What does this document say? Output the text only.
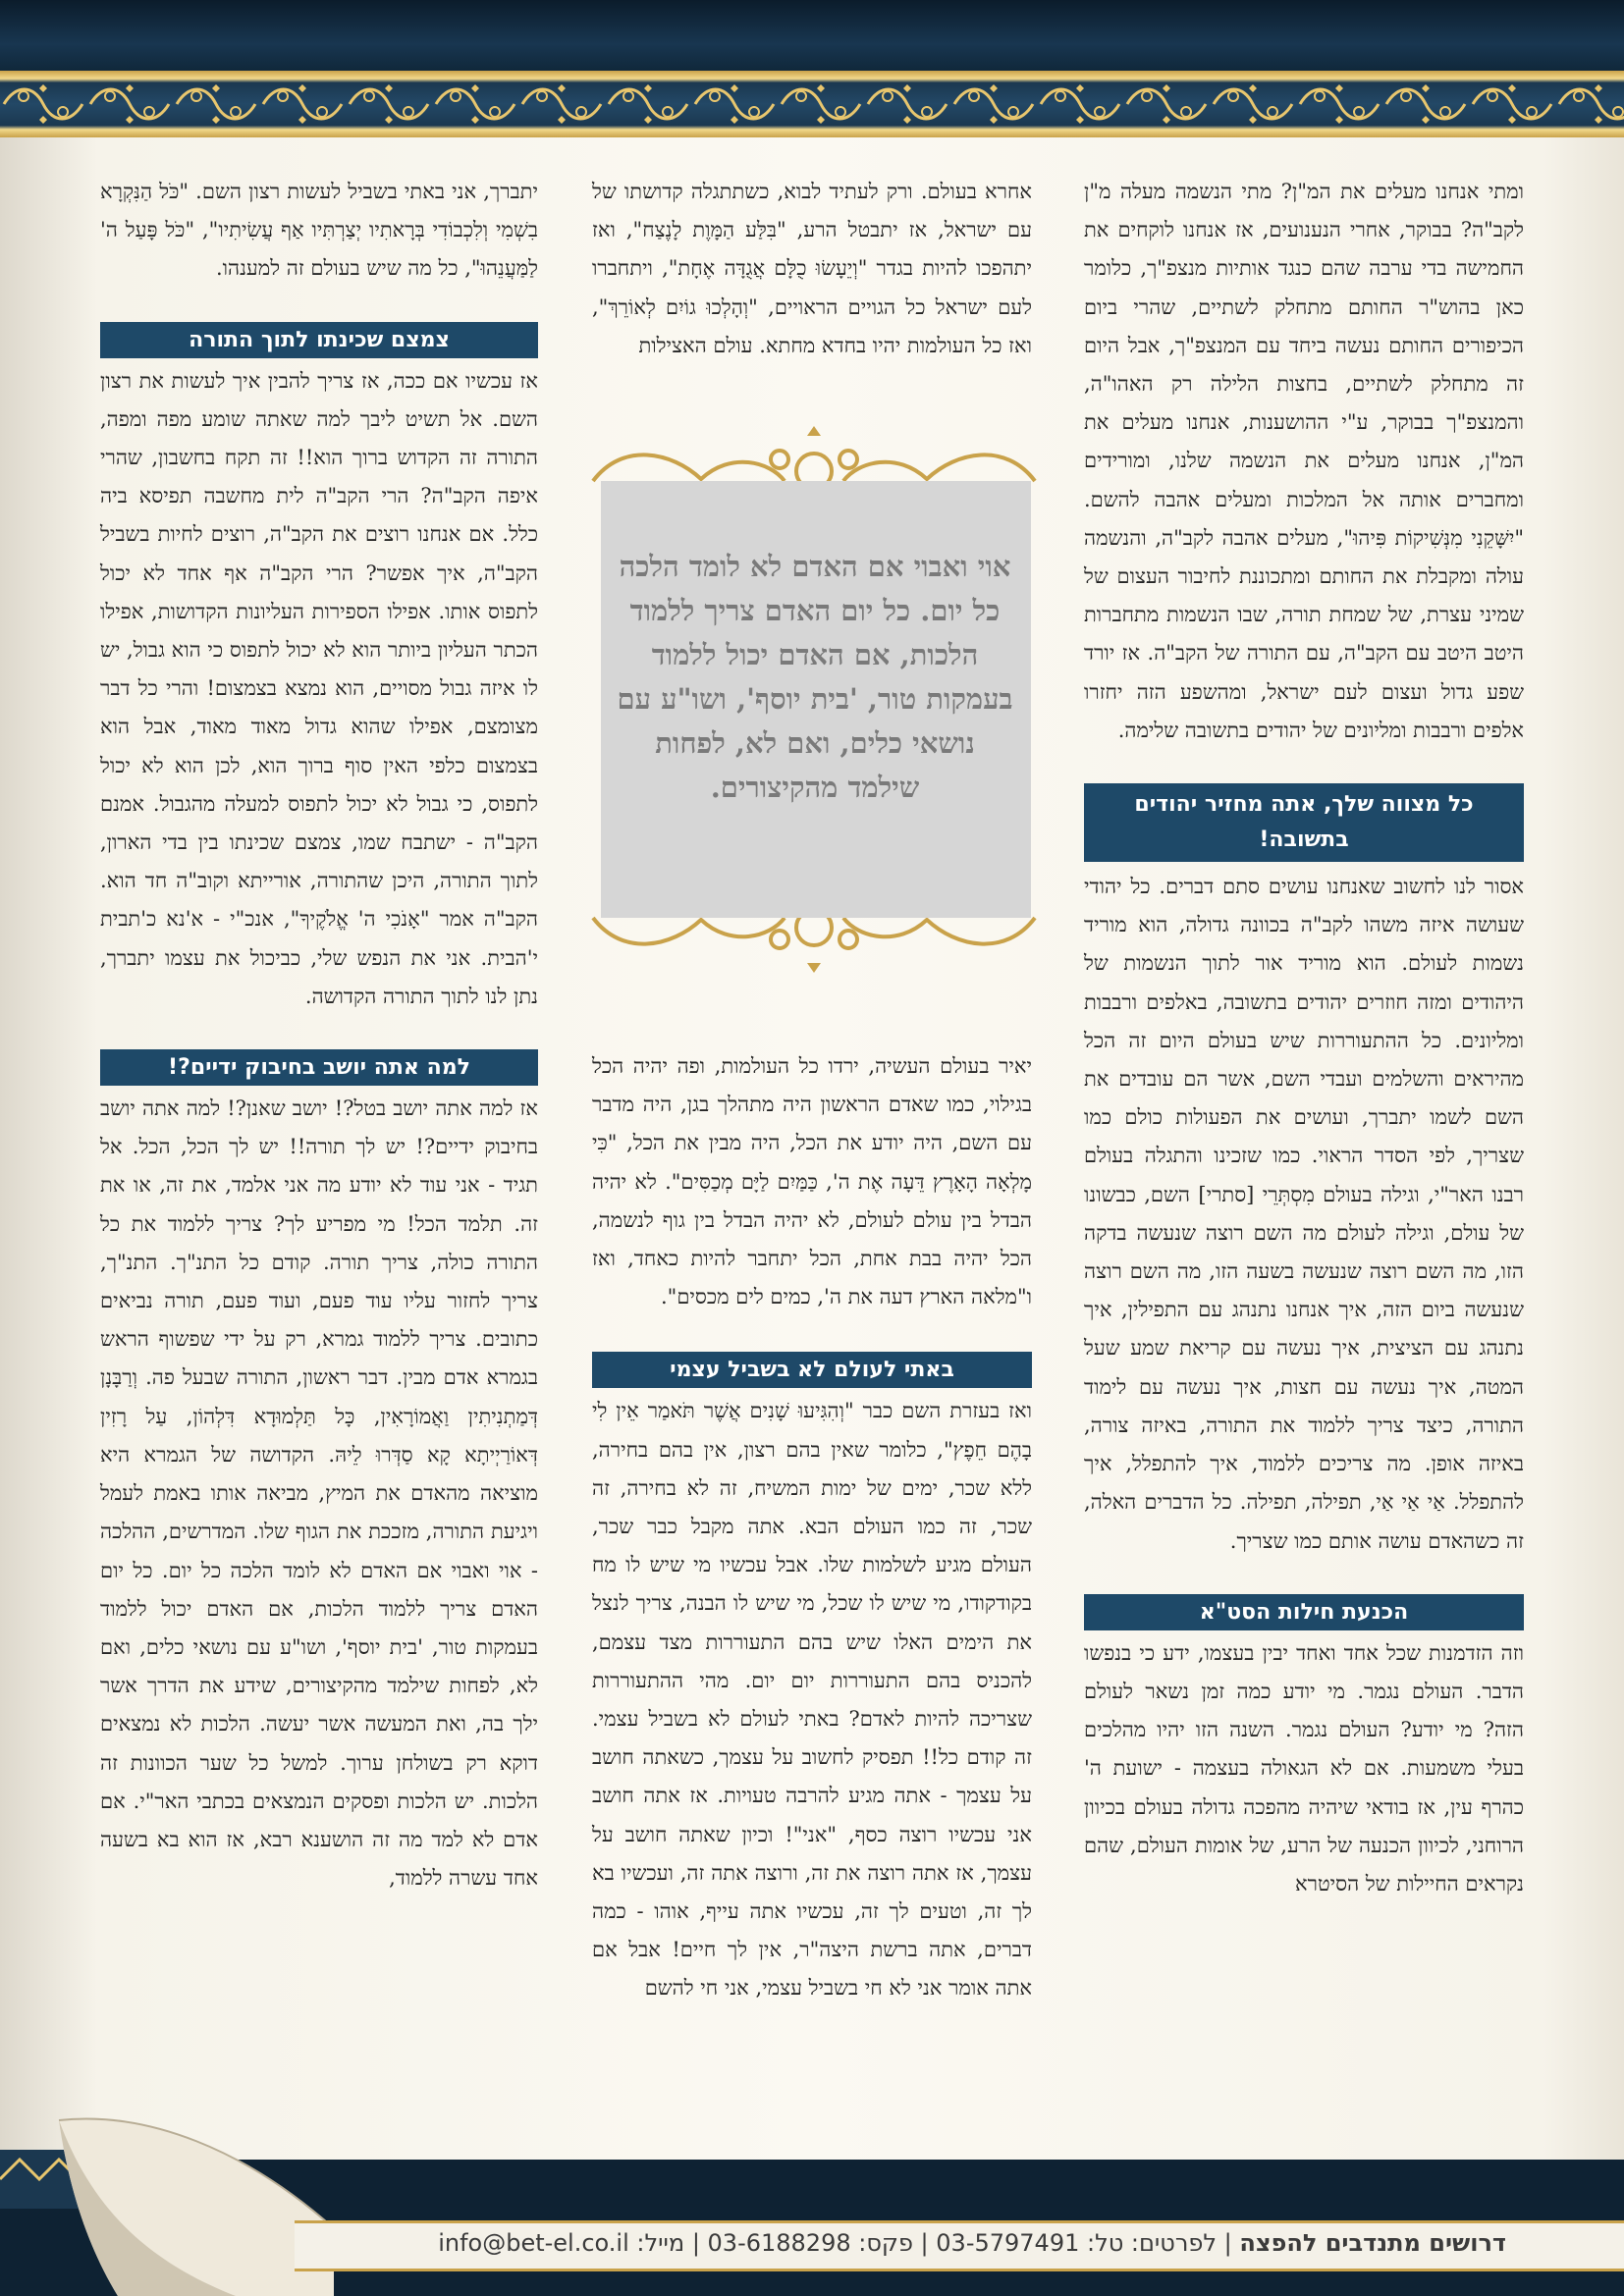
ומתי אנחנו מעלים את המ"ן? מתי הנשמה מעלה מ"ן לקב"ה? בבוקר, אחרי הנענועים, אז אנחנו לוקחים את החמישה בדי ערבה שהם כנגד אותיות מנצפ"ך, כלומר כאן בהוש"ר החותם מתחלק לשתיים, שהרי ביום הכיפורים החותם נעשה ביחד עם המנצפ"ך, אבל היום זה מתחלק לשתיים, בחצות הלילה רק האהו"ה, והמנצפ"ך בבוקר, ע"י ההושענות, אנחנו מעלים את המ"ן, אנחנו מעלים את הנשמה שלנו, ומורידים ומחברים אותה אל המלכות ומעלים אהבה להשם. "יִשָּׁקֵנִי מִנְּשִׁיקוֹת פִּיהוּ", מעלים אהבה לקב"ה, והנשמה עולה ומקבלת את החותם ומתכוננת לחיבור העצום של שמיני עצרת, של שמחת תורה, שבו הנשמות מתחברות היטב היטב עם הקב"ה, עם התורה של הקב"ה. אז יורד שפע גדול ועצום לעם ישראל, ומהשפע הזה יחזרו אלפים ורבבות ומליונים של יהודים בתשובה שלימה.

כל מצווה שלך, אתה מחזיר יהודים בתשובה!

אסור לנו לחשוב שאנחנו עושים סתם דברים. כל יהודי שעושה איזה משהו לקב"ה בכוונה גדולה, הוא מוריד נשמות לעולם. הוא מוריד אור לתוך הנשמות של היהודים ומזה חוזרים יהודים בתשובה, באלפים ורבבות ומליונים. כל ההתעוררות שיש בעולם היום זה הכל מהיראים והשלמים ועבדי השם, אשר הם עובדים את השם לשמו יתברך, ועושים את הפעולות כולם כמו שצריך, לפי הסדר הראוי. כמו שזכינו והתגלה בעולם רבנו האר"י, וגילה בעולם מִסְתְּרֵי [סתרי] השם, כבשונו של עולם, וגילה לעולם מה השם רוצה שנעשה בדקה הזו, מה השם רוצה שנעשה בשעה הזו, מה השם רוצה שנעשה ביום הזה, איך אנחנו נתנהג עם התפילין, איך נתנהג עם הציצית, איך נעשה עם קריאת שמע שעל המטה, איך נעשה עם חצות, איך נעשה עם לימוד התורה, כיצד צריך ללמוד את התורה, באיזה צורה, באיזה אופן. מה צריכים ללמוד, איך להתפלל, איך להתפלל. אַי אַי אַי, תפילה, תפילה. כל הדברים האלה, זה כשהאדם עושה אותם כמו שצריך.

הכנעת חילות הסט"א

וזה הזדמנות שכל אחד ואחד יבין בעצמו, ידע כי בנפשו הדבר. העולם נגמר. מי יודע כמה זמן נשאר לעולם הזה? מי יודע? העולם נגמר. השנה הזו יהיו מהלכים בעלי משמעות. אם לא הגאולה בעצמה - ישועת ה' כהרף עין, אז בודאי שיהיה מהפכה גדולה בעולם בכיוון הרוחני, לכיוון הכנעה של הרע, של אומות העולם, שהם נקראים החיילות של הסיטרא

אחרא בעולם. ורק לעתיד לבוא, כשתתגלה קדושתו של עם ישראל, אז יתבטל הרע, "בִּלַּע הַמָּוֶת לָנֶצַח", ואז יתהפכו להיות בגדר "וְיֵעָשׂוּ כֻלָּם אֲגֻדָּה אֶחָת", ויתחברו לעם ישראל כל הגויים הראויים, "וְהָלְכוּ גוֹיִם לְאוֹרֵךְ", ואז כל העולמות יהיו בחדא מחתא. עולם האצילות

אוי ואבוי אם האדם לא לומד הלכה כל יום. כל יום האדם צריך ללמוד הלכות, אם האדם יכול ללמוד בעמקות טור, 'בית יוסף', ושו"ע עם נושאי כלים, ואם לא, לפחות שילמד מהקיצורים.

יאיר בעולם העשיה, ירדו כל העולמות, ופה יהיה הכל בגילוי, כמו שאדם הראשון היה מתהלך בגן, היה מדבר עם השם, היה יודע את הכל, היה מבין את הכל, "כִּי מָלְאָה הָאָרֶץ דֵּעָה אֶת ה', כַּמַּיִם לַיָּם מְכַסִּים". לא יהיה הבדל בין עולם לעולם, לא יהיה הבדל בין גוף לנשמה, הכל יהיה בבת אחת, הכל יתחבר להיות כאחד, ואז ו"מלאה הארץ דעה את ה', כמים לים מכסים".

באתי לעולם לא בשביל עצמי

ואז בעזרת השם כבר "וְהִגִּיעוּ שָׁנִים אֲשֶׁר תֹּאמַר אֵין לִי בָהֶם חֵפֶץ", כלומר שאין בהם רצון, אין בהם בחירה, ללא שכר, ימים של ימות המשיח, זה לא בחירה, זה שכר, זה כמו העולם הבא. אתה מקבל כבר שכר, העולם מגיע לשלמות שלו. אבל עכשיו מי שיש לו מח בקודקודו, מי שיש לו שכל, מי שיש לו הבנה, צריך לנצל את הימים האלו שיש בהם התעוררות מצד עצמם, להכניס בהם התעוררות יום יום. מהי ההתעוררות שצריכה להיות לאדם? באתי לעולם לא בשביל עצמי. זה קודם כל!! תפסיק לחשוב על עצמך, כשאתה חושב על עצמך - אתה מגיע להרבה טעויות. אז אתה חושב אני עכשיו רוצה כסף, "אני"! וכיון שאתה חושב על עצמך, אז אתה רוצה את זה, ורוצה אתה זה, ועכשיו בא לך זה, וטעים לך זה, עכשיו אתה עייף, אוהו - כמה דברים, אתה ברשת היצה"ר, אין לך חיים! אבל אם אתה אומר אני לא חי בשביל עצמי, אני חי להשם

יתברך, אני באתי בשביל לעשות רצון השם. "כֹּל הַנִּקְרָא בִשְׁמִי וְלִכְבוֹדִי בְּרָאתִיו יְצַרְתִּיו אַף עֲשִׂיתִיו", "כֹּל פָּעַל ה' לַמַּעֲנֵהוּ", כל מה שיש בעולם זה למענהו.

צמצם שכינתו לתוך התורה

אז עכשיו אם ככה, אז צריך להבין איך לעשות את רצון השם. אל תשיט ליבך למה שאתה שומע מפה ומפה, התורה זה הקדוש ברוך הוא!! זה תקח בחשבון, שהרי איפה הקב"ה? הרי הקב"ה לית מחשבה תפיסא ביה כלל. אם אנחנו רוצים את הקב"ה, רוצים לחיות בשביל הקב"ה, איך אפשר? הרי הקב"ה אף אחד לא יכול לתפוס אותו. אפילו הספירות העליונות הקדושות, אפילו הכתר העליון ביותר הוא לא יכול לתפוס כי הוא גבול, יש לו איזה גבול מסויים, הוא נמצא בצמצום! והרי כל דבר מצומצם, אפילו שהוא גדול מאוד מאוד, אבל הוא בצמצום כלפי האין סוף ברוך הוא, לכן הוא לא יכול לתפוס, כי גבול לא יכול לתפוס למעלה מהגבול. אמנם הקב"ה - ישתבח שמו, צמצם שכינתו בין בדי הארון, לתוך התורה, היכן שהתורה, אורייתא וקוב"ה חד הוא. הקב"ה אמר "אָנֹכִי ה' אֱלֹקֶיךָ", אנכ"י - א'נא כ'תבית י'הבית. אני את הנפש שלי, כביכול את עצמו יתברך, נתן לנו לתוך התורה הקדושה.

למה אתה יושב בחיבוק ידיים?!

אז למה אתה יושב בטל?! יושב שאנן?! למה אתה יושב בחיבוק ידיים?! יש לך תורה!! יש לך הכל, הכל. אל תגיד - אני עוד לא יודע מה אני אלמד, את זה, או את זה. תלמד הכל! מי מפריע לך? צריך ללמוד את כל התורה כולה, צריך תורה. קודם כל התנ"ך. התנ"ך, צריך לחזור עליו עוד פעם, ועוד פעם, תורה נביאים כתובים. צריך ללמוד גמרא, רק על ידי שפשוף הראש בגמרא אדם מבין. דבר ראשון, התורה שבעל פה. וְרַבָּנָן דְּמַתְנִיתִין וַאֲמוֹרָאִין, כָּל תַּלְמוּדָא דִּלְהוֹן, עַל רָזִין דְּאוֹרַיְיתָא קָא סַדְּרוּ לֵיהּ. הקדושה של הגמרא היא מוציאה מהאדם את המיץ, מביאה אותו באמת לעמל ויגיעת התורה, מזככת את הגוף שלו. המדרשים, ההלכה - אוי ואבוי אם האדם לא לומד הלכה כל יום. כל יום האדם צריך ללמוד הלכות, אם האדם יכול ללמוד בעמקות טור, 'בית יוסף', ושו"ע עם נושאי כלים, ואם לא, לפחות שילמד מהקיצורים, שידע את הדרך אשר ילך בה, ואת המעשה אשר יעשה. הלכות לא נמצאים דוקא רק בשולחן ערוך. למשל כל שער הכוונות זה הלכות. יש הלכות ופסקים הנמצאים בכתבי האר"י. אם אדם לא למד מה זה הושענא רבא, אז הוא בא בשעה אחד עשרה ללמוד,

דרושים מתנדבים להפצה | לפרטים: טל: 03-5797491 | פקס: 03-6188298 | מייל: info@bet-el.co.il
